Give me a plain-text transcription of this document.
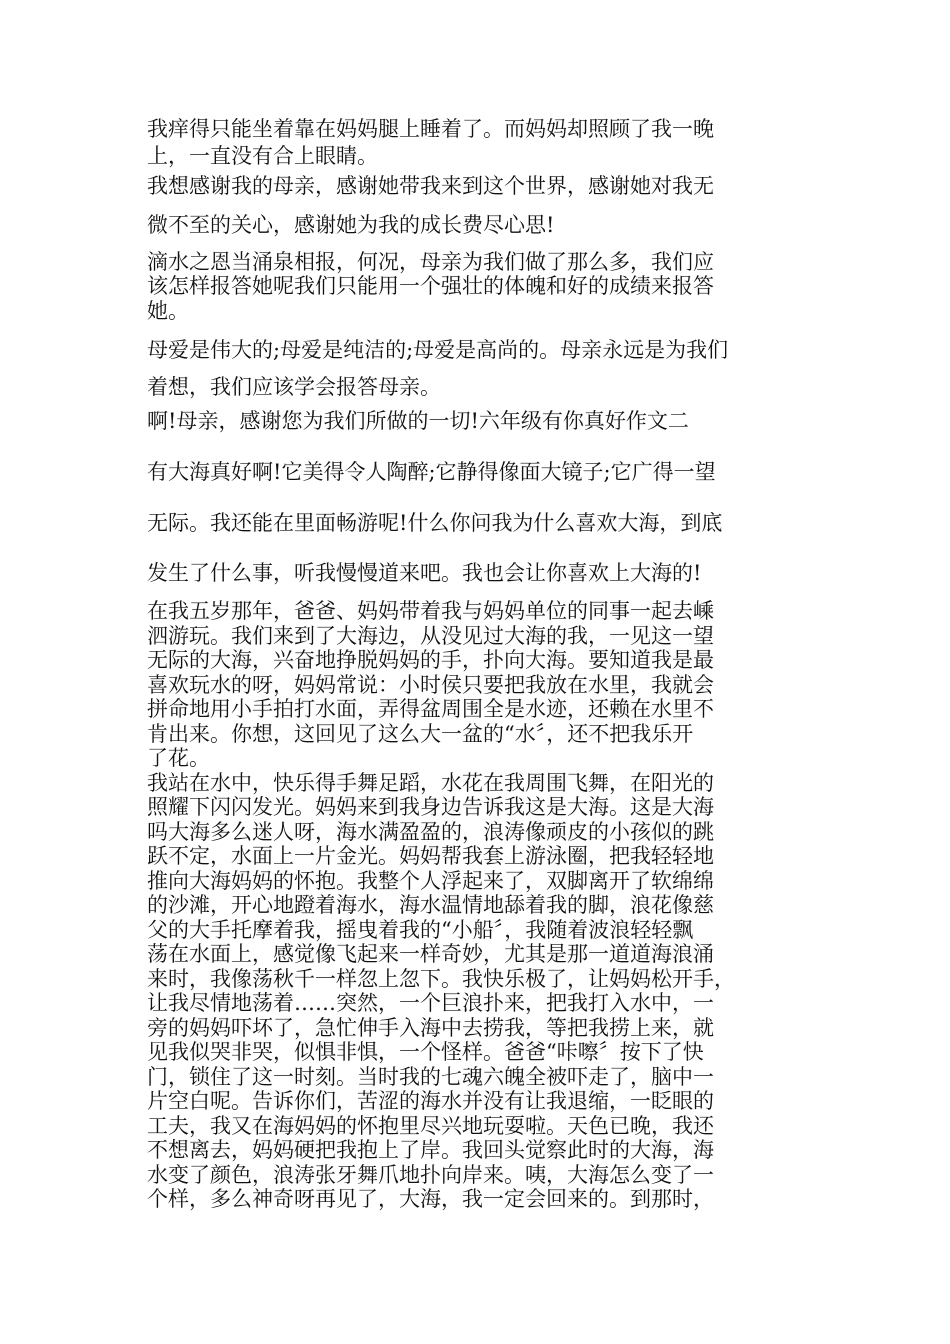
我痒得只能坐着靠在妈妈腿上睡着了。而妈妈却照顾了我一晚

上，一直没有合上眼睛。

我想感谢我的母亲，感谢她带我来到这个世界，感谢她对我无

微不至的关心，感谢她为我的成长费尽心思!

滴水之恩当涌泉相报，何况，母亲为我们做了那么多，我们应

该怎样报答她呢我们只能用一个强壮的体魄和好的成绩来报答

她。

母爱是伟大的;母爱是纯洁的;母爱是高尚的。母亲永远是为我们

着想，我们应该学会报答母亲。

啊!母亲，感谢您为我们所做的一切!六年级有你真好作文二

有大海真好啊!它美得令人陶醉;它静得像面大镜子;它广得一望

无际。我还能在里面畅游呢!什么你问我为什么喜欢大海，到底

发生了什么事，听我慢慢道来吧。我也会让你喜欢上大海的!

在我五岁那年，爸爸、妈妈带着我与妈妈单位的同事一起去嵊

泗游玩。我们来到了大海边，从没见过大海的我，一见这一望

无际的大海，兴奋地挣脱妈妈的手，扑向大海。要知道我是最

喜欢玩水的呀，妈妈常说：小时侯只要把我放在水里，我就会

拼命地用小手拍打水面，弄得盆周围全是水迹，还赖在水里不

肯出来。你想，这回见了这么大一盆的“水〞，还不把我乐开

了花。

我站在水中，快乐得手舞足蹈，水花在我周围飞舞，在阳光的

照耀下闪闪发光。妈妈来到我身边告诉我这是大海。这是大海

吗大海多么迷人呀，海水满盈盈的，浪涛像顽皮的小孩似的跳

跃不定，水面上一片金光。妈妈帮我套上游泳圈，把我轻轻地

推向大海妈妈的怀抱。我整个人浮起来了，双脚离开了软绵绵

的沙滩，开心地蹬着海水，海水温情地舔着我的脚，浪花像慈

父的大手托摩着我，摇曳着我的“小船〞，我随着波浪轻轻飘

荡在水面上，感觉像飞起来一样奇妙，尤其是那一道道海浪涌

来时，我像荡秋千一样忽上忽下。我快乐极了，让妈妈松开手，

让我尽情地荡着……突然，一个巨浪扑来，把我打入水中，一

旁的妈妈吓坏了，急忙伸手入海中去捞我，等把我捞上来，就

见我似哭非哭，似惧非惧，一个怪样。爸爸“咔嚓〞按下了快

门，锁住了这一时刻。当时我的七魂六魄全被吓走了，脑中一

片空白呢。告诉你们，苦涩的海水并没有让我退缩，一眨眼的

工夫，我又在海妈妈的怀抱里尽兴地玩耍啦。天色已晚，我还

不想离去，妈妈硬把我抱上了岸。我回头觉察此时的大海，海

水变了颜色，浪涛张牙舞爪地扑向岸来。咦，大海怎么变了一

个样，多么神奇呀再见了，大海，我一定会回来的。到那时，
